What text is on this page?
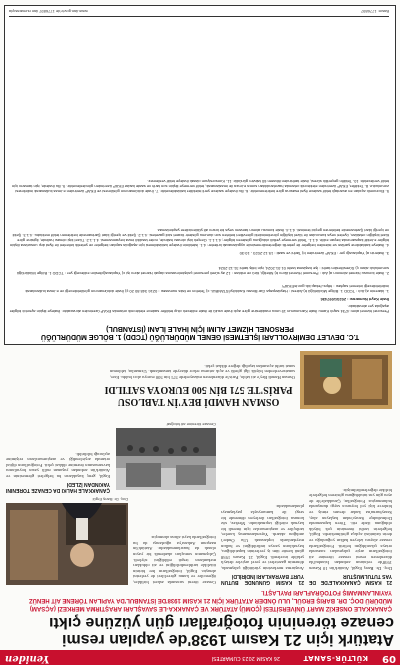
09
KÜLTÜR-SANAT
26 KASIM 2023 CUMARTESİ
Yeniden
Atatürk için 21 Kasım 1938'de yapılan resmi cenaze töreninin fotoğrafları gün yüzüne çıktı
ÇANAKKALE ONSEKİZ MART ÜNİVERSİTESİ (ÇOMÜ) ATATÜRK VE ÇANAKKA-LE SAVAŞLARI ARAŞTIRMA MERKEZİ (AÇSAM) MÜDÜRÜ DOÇ. DR. BARIŞ ERGÜL, ULU ÖNDER ATATÜRK İÇİN 21 KASIM 1938'DE İSTANBUL'DA YAPILAN TÖRENE AİT HENÜZ YAYINLANMAMIŞ FOTOĞRAFLARI PAYLAŞTI.
Doç. Dr. Barış Ergül
21 KASIM ÇANAKKALE'DE DE YAS TUTULMUŞTUR
Doç. Dr. Barış Ergül, Atatürk'ün 10 Kasım 1938'de vefatının ardından İstanbul'da düzenlenen resmi cenaze törenine ait fotoğrafların arşiv çalışmaları sırasında ortaya çıkarıldığını belirtti. Fotoğraflarda cenaze alayını izleyen halkın yoğunluğu ve derin üzüntüsü açıkça görülmektedir. Ergül, belgelerin tarihi öneminin çok büyük olduğunu ifade etti. Tören kapsamında Dolmabahçe Sarayı'ndan başlayan alay, Sarayburnu'na kadar devam etmiş ve binlerce kişi yol boyunca saygı duruşunda bulunmuştur. Fotoğraflar, Çanakkale'de de aynı gün yas tutulduğunu gösteren belgelerle birlikte değerlendirilmiştir.
21 KASIM GÜNÜNDE BÜTÜN YURT BAYRAKLARI İNDİRİLDİ
Araştırma merkezinin yürüttüğü çalışmada, dönemin gazeteleri ve yerel arşivler detaylı şekilde incelendi. Ergül, 21 Kasım 1938 günü kentte tüm iş yerlerinin kapatıldığını, bayrakların yarıya indirildiğini ve halkın meydanlarda toplanarak Ulu Önder'i andığını aktardı. Yayımlanmamış kareler, tarihçiler ve araştırmacılar için önemli bir kaynak niteliği taşımaktadır. Merkez, söz konusu fotoğrafları ilerleyen dönemde bir sergi ile kamuoyuyla paylaşmayı planlamaktadır.
Cenaze töreni sırasında askeri birlikler, öğrenciler ve kamu görevlileri de yerlerini almıştır. Ergül, fotoğrafların her birinin titizlikle tarihlendirildiğini ve ait oldukları mekanların tespit edildiğini söyledi. Çalışmanın sonuçları akademik bir yayın olarak da hazırlanmaktadır. Atatürk'ün naaşının Ankara'ya uğurlanışı da bu fotoğraflarda kayıt altına alınmıştır.
Cenaze törenine ait fotoğraf
ÇANAKKALE HALKI DA CENAZE TÖRENİNİ YAKINDAN İZLEDİ
Ergül, genç kuşakların bu belgeleri görmesinin ve Atatürk'ün ardından yaşanan milli yasın boyutlarını kavramasının önemine dikkat çekti. Fotoğrafların dijital ortamda arşivlendiği ve araştırmacıların erişimine açılacağı bildirildi.
OSMAN HAMDİ BEY'İN TABLOSU PARİS'TE 571 BİN 500 EUROYA SATILDI
Osman Hamdi Bey'e ait tablo, Paris'te düzenlenen müzayedede 571 bin 500 euroya alıcı buldu. Eser, sanatseverlerden büyük ilgi gördü ve açık artırma rekor düzeyde tamamlandı. Uzmanlar, tablonun sanat tarihi açısından taşıdığı değere dikkat çekti.
T.C. DEVLET DEMİRYOLLARI İŞLETMESİ GENEL MÜDÜRLÜĞÜ (TCDD) 1. BÖLGE MÜDÜRLÜĞÜ
PERSONEL HİZMET ALIMI İÇİN İHALE İLANI (İSTANBUL)
Personel hizmet alımı 4734 sayılı Kamu İhale Kanununun 19 uncu maddesine göre açık ihale usulü ile ihale edilecek olup teklifler sadece elektronik ortamda EKAP üzerinden alınacaktır. İhaleye ilişkin ayrıntılı bilgiler aşağıda yer almaktadır.
İhale Kayıt Numarası : 2023/1097436
1- İdarenin a) Adı : TCDD 1. Bölge Müdürlüğü b) Adresi : Haydarpaşa Gar Binası Kadıköy/İSTANBUL c) Telefon ve faks numarası : 0216 348 80 20 ç) İhale dokümanının görülebileceği ve e-imza kullanılarak indirilebileceği internet sayfası : https://ekap.kik.gov.tr/EKAP/
2- İhale konusu hizmet alımının a) Adı : Personel Hizmet Alımı b) Niteliği, türü ve miktarı : 12 ay süreli personel çalıştırılmasına dayalı hizmet alımı işi c) Yapılacağı/teslim edileceği yer : TCDD 1. Bölge Müdürlüğü sorumluluk alanı ç) Süresi/teslim tarihi : İşe başlama tarihi 01.01.2024, işin bitiş tarihi 31.12.2024
3- İhalenin a) Yapılacağı yer : EKAP üzerinden b) Tarihi ve saati : 19.12.2023 - 10:30
4- İhaleye katılabilme şartları ve istenilen belgeler ile yeterlik değerlendirmesinde uygulanacak kriterler: 4.1. İsteklinin ihaleye katılabilmesi için aşağıda sayılan belgeler ve yeterlik kriterleri ile fiyat dışı unsurlara ilişkin bilgiler e-teklif kapsamında beyan edilir. 4.1.1. Teklif vermeye yetkili olduğunu gösteren bilgiler; 4.1.1.1. Gerçek kişi olması halinde, noter tasdikli imza beyannamesi. 4.1.1.2. Tüzel kişi olması halinde, ilgisine göre tüzel kişiliğin ortakları, üyeleri veya kurucuları ile tüzel kişiliğin yönetimindeki görevlileri belirten son durumu gösterir ticaret sicil gazetesi. 4.1.2. Şekli ve içeriği İdari Şartnamede belirlenen teklif mektubu. 4.1.3. Şekli ve içeriği İdari Şartnamede belirlenen geçici teminat. 4.1.4. İhale konusu alımın tamamı veya bir kısmı alt yüklenicilere yaptırılamaz.
5- Ekonomik açıdan en avantajlı teklif sadece fiyat esasına göre belirlenecektir. 6- Bu ihaleye sadece yerli istekliler katılabilecektir. 7- İhale dokümanının görülmesi ve EKAP üzerinden e-imza kullanarak indirilmesi zorunludur. 8- Teklifler, EKAP üzerinden elektronik ortamda hazırlandıktan sonra e-imza ile imzalanarak, teklif vermeye ilişkin son tarih ve saate kadar EKAP üzerinden gönderilecektir. 9- Bu ihalede, işin tamamı için teklif verilecektir. 10- Teklifin geçerlilik süresi, ihale tarihinden itibaren 60 takvim günüdür. 11- Konsorsiyum olarak ihaleye teklif verilemez.
Basın: 1776897
www.ilan.gov.tr'de 1776897 ilan numarasıyla
